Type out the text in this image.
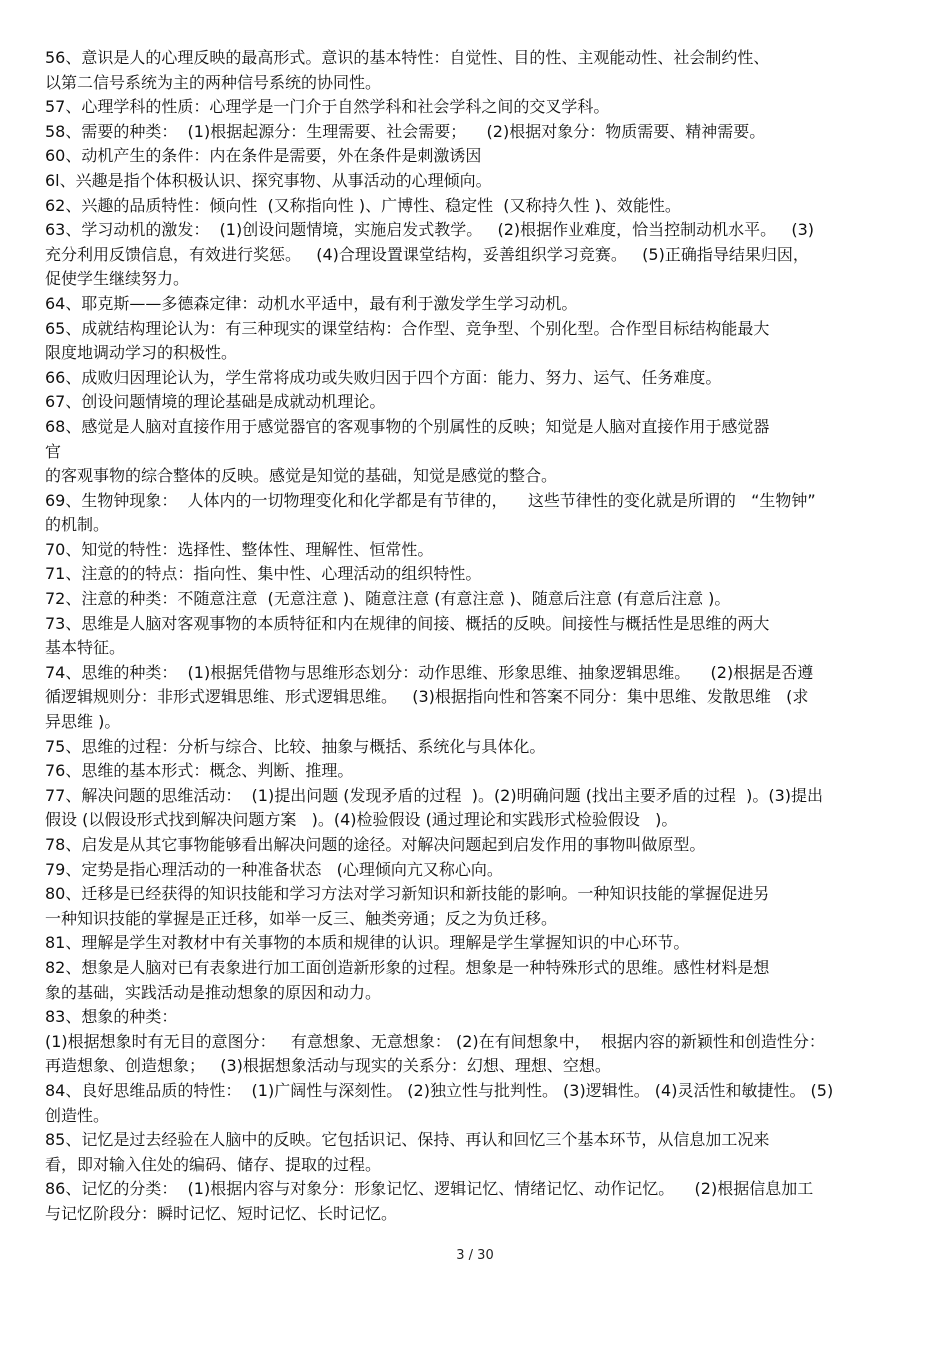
56、意识是人的心理反映的最高形式。意识的基本特性：自觉性、目的性、主观能动性、社会制约性、
以第二信号系统为主的两种信号系统的协同性。
57、心理学科的性质：心理学是一门介于自然学科和社会学科之间的交叉学科。
58、需要的种类：  (1)根据起源分：生理需要、社会需要；    (2)根据对象分：物质需要、精神需要。
60、动机产生的条件：内在条件是需要，外在条件是刺激诱因
6l、兴趣是指个体积极认识、探究事物、从事活动的心理倾向。
62、兴趣的品质特性：倾向性  (又称指向性 )、广博性、稳定性  (又称持久性 )、效能性。
63、学习动机的激发：  (1)创设问题情境，实施启发式教学。   (2)根据作业难度，恰当控制动机水平。   (3)
充分利用反馈信息，有效进行奖惩。   (4)合理设置课堂结构，妥善组织学习竞赛。   (5)正确指导结果归因，
促使学生继续努力。
64、耶克斯——多德森定律：动机水平适中，最有利于激发学生学习动机。
65、成就结构理论认为：有三种现实的课堂结构：合作型、竞争型、个别化型。合作型目标结构能最大
限度地调动学习的积极性。
66、成败归因理论认为，学生常将成功或失败归因于四个方面：能力、努力、运气、任务难度。
67、创设问题情境的理论基础是成就动机理论。
68、感觉是人脑对直接作用于感觉器官的客观事物的个别属性的反映；知觉是人脑对直接作用于感觉器
官
的客观事物的综合整体的反映。感觉是知觉的基础，知觉是感觉的整合。
69、生物钟现象：  人体内的一切物理变化和化学都是有节律的，    这些节律性的变化就是所谓的   “生物钟”
的机制。
70、知觉的特性：选择性、整体性、理解性、恒常性。
71、注意的的特点：指向性、集中性、心理活动的组织特性。
72、注意的种类：不随意注意  (无意注意 )、随意注意 (有意注意 )、随意后注意 (有意后注意 )。
73、思维是人脑对客观事物的本质特征和内在规律的间接、概括的反映。间接性与概括性是思维的两大
基本特征。
74、思维的种类：  (1)根据凭借物与思维形态划分：动作思维、形象思维、抽象逻辑思维。    (2)根据是否遵
循逻辑规则分：非形式逻辑思维、形式逻辑思维。   (3)根据指向性和答案不同分：集中思维、发散思维   (求
异思维 )。
75、思维的过程：分析与综合、比较、抽象与概括、系统化与具体化。
76、思维的基本形式：概念、判断、推理。
77、解决问题的思维活动：  (1)提出问题 (发现矛盾的过程  )。(2)明确问题 (找出主要矛盾的过程  )。(3)提出
假设 (以假设形式找到解决问题方案   )。(4)检验假设 (通过理论和实践形式检验假设   )。
78、启发是从其它事物能够看出解决问题的途径。对解决问题起到启发作用的事物叫做原型。
79、定势是指心理活动的一种准备状态   (心理倾向亢又称心向。
80、迁移是已经获得的知识技能和学习方法对学习新知识和新技能的影响。一种知识技能的掌握促进另
一种知识技能的掌握是正迁移，如举一反三、触类旁通；反之为负迁移。
81、理解是学生对教材中有关事物的本质和规律的认识。理解是学生掌握知识的中心环节。
82、想象是人脑对已有表象进行加工面创造新形象的过程。想象是一种特殊形式的思维。感性材料是想
象的基础，实践活动是推动想象的原因和动力。
83、想象的种类：
(1)根据想象时有无目的意图分：   有意想象、无意想象： (2)在有间想象中，  根据内容的新颖性和创造性分：
再造想象、创造想象；   (3)根据想象活动与现实的关系分：幻想、理想、空想。
84、良好思维品质的特性：  (1)广阔性与深刻性。 (2)独立性与批判性。 (3)逻辑性。 (4)灵活性和敏捷性。 (5)
创造性。
85、记忆是过去经验在人脑中的反映。它包括识记、保持、再认和回忆三个基本环节，从信息加工况来
看，即对输入住处的编码、储存、提取的过程。
86、记忆的分类：  (1)根据内容与对象分：形象记忆、逻辑记忆、情绪记忆、动作记忆。    (2)根据信息加工
与记忆阶段分：瞬时记忆、短时记忆、长时记忆。
3 / 30
